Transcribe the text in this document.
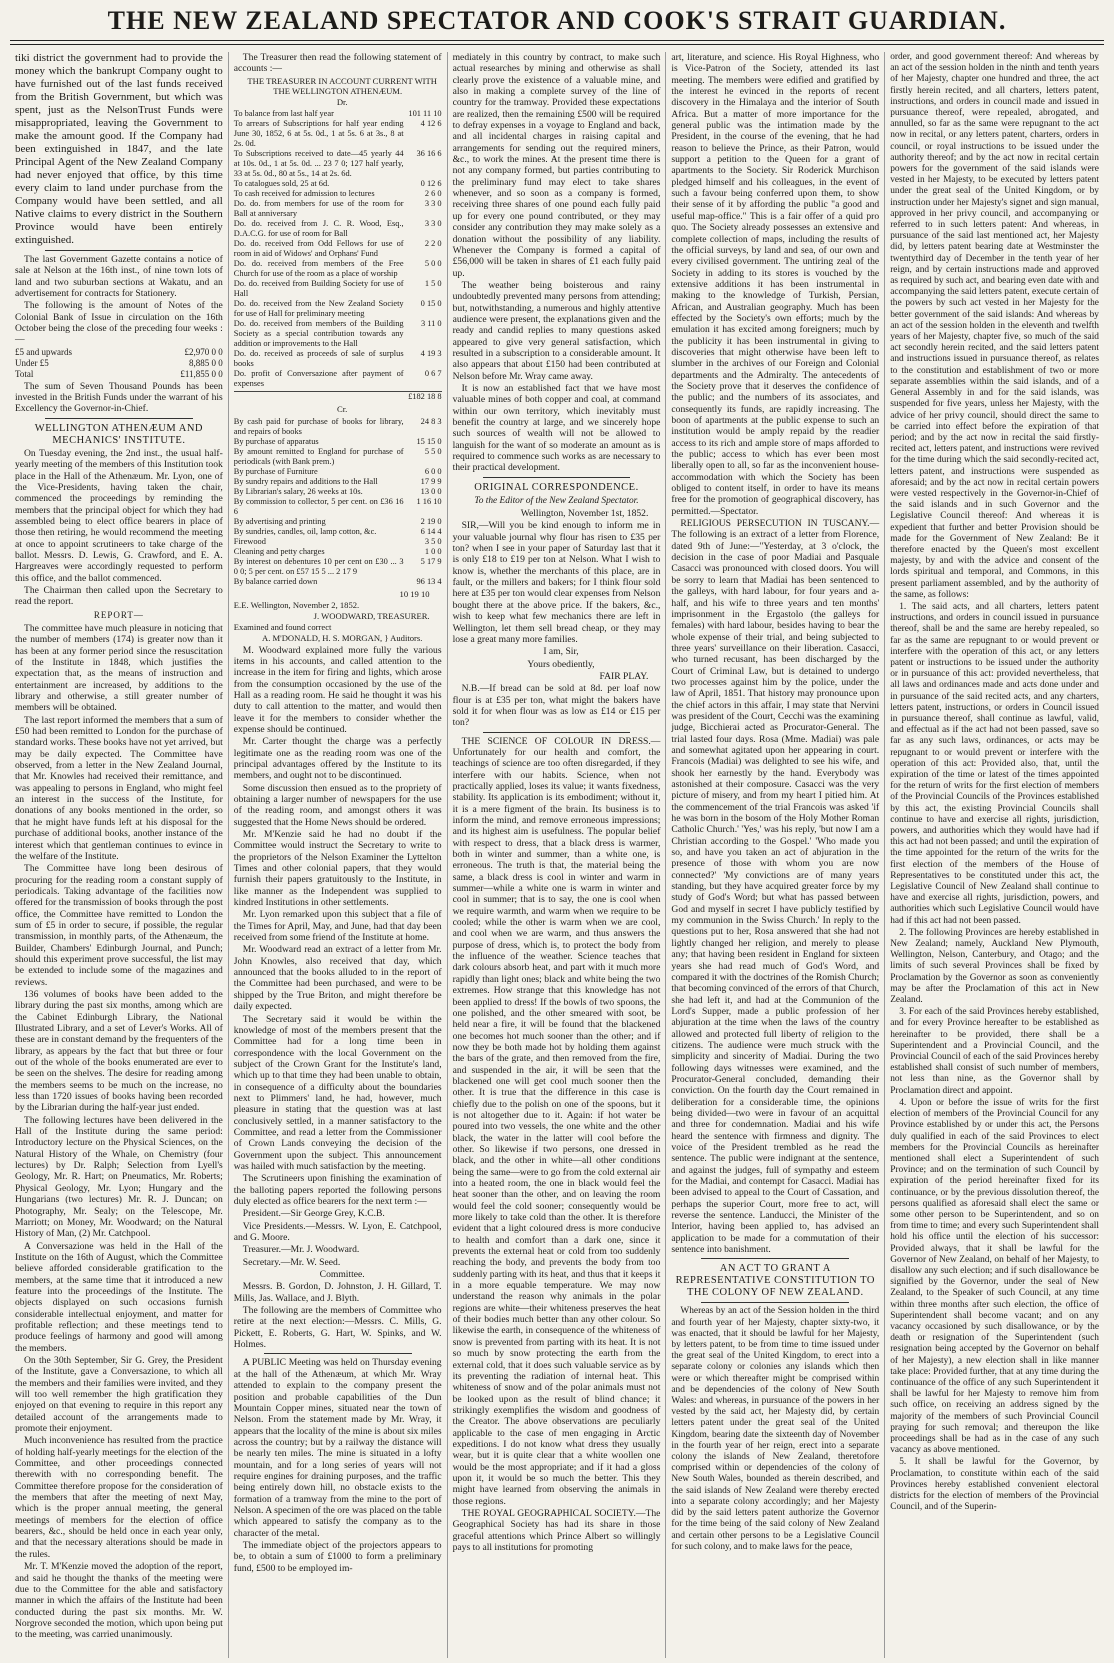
THE NEW ZEALAND SPECTATOR AND COOK'S STRAIT GUARDIAN.

tiki district the government had to provide the money which the bankrupt Company ought to have furnished out of the last funds received from the British Government, but which was spent, just as the NelsonTrust Funds were misappropriated, leaving the Government to make the amount good. If the Company had been extinguished in 1847, and the late Principal Agent of the New Zealand Company had never enjoyed that office, by this time every claim to land under purchase from the Company would have been settled, and all Native claims to every district in the Southern Province would have been entirely extinguished.

The last Government Gazette contains a notice of sale at Nelson at the 16th inst., of nine town lots of land and two suburban sections at Wakatu, and an advertisement for contracts for Stationery.

The following is the amount of Notes of the Colonial Bank of Issue in circulation on the 16th October being the close of the preceding four weeks :—

£5 and upwards	£2,970 0 0
Under £5	8,885 0 0
Total	£11,855 0 0

The sum of Seven Thousand Pounds has been invested in the British Funds under the warrant of his Excellency the Governor-in-Chief.

WELLINGTON ATHENÆUM AND MECHANICS' INSTITUTE.

On Tuesday evening, the 2nd inst., the usual half-yearly meeting of the members of this Institution took place in the Hall of the Athenæum. Mr. Lyon, one of the Vice-Presidents, having taken the chair, commenced the proceedings by reminding the members that the principal object for which they had assembled being to elect office bearers in place of those then retiring, he would recommend the meeting at once to appoint scrutineers to take charge of the ballot. Messrs. D. Lewis, G. Crawford, and E. A. Hargreaves were accordingly requested to perform this office, and the ballot commenced.

The Chairman then called upon the Secretary to read the report.

REPORT—

The committee have much pleasure in noticing that the number of members (174) is greater now than it has been at any former period since the resuscitation of the Institute in 1848, which justifies the expectation that, as the means of instruction and entertainment are increased, by additions to the library and otherwise, a still greater number of members will be obtained.

The last report informed the members that a sum of £50 had been remitted to London for the purchase of standard works. These books have not yet arrived, but may be daily expected. The Committee have observed, from a letter in the New Zealand Journal, that Mr. Knowles had received their remittance, and was appealing to persons in England, who might feel an interest in the success of the Institute, for donations of any books mentioned in the order, so that he might have funds left at his disposal for the purchase of additional books, another instance of the interest which that gentleman continues to evince in the welfare of the Institute.

The Committee have long been desirous of procuring for the reading room a constant supply of periodicals. Taking advantage of the facilities now offered for the transmission of books through the post office, the Committee have remitted to London the sum of £5 in order to secure, if possible, the regular transmission, in monthly parts, of the Athenæum, the Builder, Chambers' Edinburgh Journal, and Punch; should this experiment prove successful, the list may be extended to include some of the magazines and reviews.

136 volumes of books have been added to the library during the past six months, among which are the Cabinet Edinburgh Library, the National Illustrated Library, and a set of Lever's Works. All of these are in constant demand by the frequenters of the library, as appears by the fact that but three or four out of the whole of the books enumerated are ever to be seen on the shelves. The desire for reading among the members seems to be much on the increase, no less than 1720 issues of books having been recorded by the Librarian during the half-year just ended.

The following lectures have been delivered in the Hall of the Institute during the same period: Introductory lecture on the Physical Sciences, on the Natural History of the Whale, on Chemistry (four lectures) by Dr. Ralph; Selection from Lyell's Geology, Mr. R. Hart; on Pneumatics, Mr. Roberts; Physical Geology, Mr. Lyon; Hungary and the Hungarians (two lectures) Mr. R. J. Duncan; on Photography, Mr. Sealy; on the Telescope, Mr. Marriott; on Money, Mr. Woodward; on the Natural History of Man, (2) Mr. Catchpool.

A Conversazione was held in the Hall of the Institute on the 16th of August, which the Committee believe afforded considerable gratification to the members, at the same time that it introduced a new feature into the proceedings of the Institute. The objects displayed on such occasions furnish considerable intellectual enjoyment, and matter for profitable reflection; and these meetings tend to produce feelings of harmony and good will among the members.

On the 30th September, Sir G. Grey, the President of the Institute, gave a Conversazione, to which all the members and their families were invited, and they will too well remember the high gratification they enjoyed on that evening to require in this report any detailed account of the arrangements made to promote their enjoyment.

Much inconvenience has resulted from the practice of holding half-yearly meetings for the election of the Committee, and other proceedings connected therewith with no corresponding benefit. The Committee therefore propose for the consideration of the members that after the meeting of next May, which is the proper annual meeting, the general meetings of members for the election of office bearers, &c., should be held once in each year only, and that the necessary alterations should be made in the rules.

Mr. T. M'Kenzie moved the adoption of the report, and said he thought the thanks of the meeting were due to the Committee for the able and satisfactory manner in which the affairs of the Institute had been conducted during the past six months. Mr. W. Norgrove seconded the motion, which upon being put to the meeting, was carried unanimously.

The Treasurer then read the following statement of accounts :—

THE TREASURER IN ACCOUNT CURRENT WITH THE WELLINGTON ATHENÆUM.

Dr.

To balance from last half year	101 11 10
To arrears of Subscriptions for half year ending June 30, 1852, 6 at 5s. 0d., 1 at 5s. 6 at 3s., 8 at 2s. 0d.	4 12 6
To Subscriptions received to date—45 yearly 44 at 10s. 0d., 1 at 5s. 0d. ... 23 7 0; 127 half yearly, 33 at 5s. 0d., 80 at 5s., 14 at 2s. 6d.	36 16 6
To catalogues sold, 25 at 6d.	0 12 6
To cash received for admission to lectures	2 6 0
Do. do. from members for use of the room for Ball at anniversary	3 3 0
Do. do. received from J. C. R. Wood, Esq., D.A.C.G. for use of room for Ball	3 3 0
Do. do. received from Odd Fellows for use of room in aid of Widows' and Orphans' Fund	2 2 0
Do. do. received from members of the Free Church for use of the room as a place of worship	5 0 0
Do. do. received from Building Society for use of Hall	1 5 0
Do. do. received from the New Zealand Society for use of Hall for preliminary meeting	0 15 0
Do. do. received from members of the Building Society as a special contribution towards any addition or improvements to the Hall	3 11 0
Do. do. received as proceeds of sale of surplus books	4 19 3
Do. profit of Conversazione after payment of expenses	0 6 7
	£182 18 8

Cr.

By cash paid for purchase of books for library, and repairs of books	24 8 3
By purchase of apparatus	15 15 0
By amount remitted to England for purchase of periodicals (with Bank prem.)	5 5 0
By purchase of Furniture	6 0 0
By sundry repairs and additions to the Hall	17 9 9
By Librarian's salary, 26 weeks at 10s.	13 0 0
By commission to collector, 5 per cent. on £36 16 6	1 16 10
By advertising and printing	2 19 0
By sundries, candles, oil, lamp cotton, &c.	6 14 4
Firewood	3 5 0
Cleaning and petty charges	1 0 0
By interest on debentures 10 per cent on £30 ... 3 0 0; 5 per cent. on £57 15 5 ... 2 17 9	5 17 9
By balance carried down	96 13 4

10 19 10

E.E. Wellington, November 2, 1852.

J. WOODWARD, TREASURER.

Examined and found correct

A. M'DONALD, H. S. MORGAN, } Auditors.

M. Woodward explained more fully the various items in his accounts, and called attention to the increase in the item for firing and lights, which arose from the consumption occasioned by the use of the Hall as a reading room. He said he thought it was his duty to call attention to the matter, and would then leave it for the members to consider whether the expense should be continued.

Mr. Carter thought the charge was a perfectly legitimate one as the reading room was one of the principal advantages offered by the Institute to its members, and ought not to be discontinued.

Some discussion then ensued as to the propriety of obtaining a larger number of newspapers for the use of the reading room, and amongst others it was suggested that the Home News should be ordered.

Mr. M'Kenzie said he had no doubt if the Committee would instruct the Secretary to write to the proprietors of the Nelson Examiner the Lyttelton Times and other colonial papers, that they would furnish their papers gratuitously to the Institute, in like manner as the Independent was supplied to kindred Institutions in other settlements.

Mr. Lyon remarked upon this subject that a file of the Times for April, May, and June, had that day been received from some friend of the Institute at home.

Mr. Woodward read an extract of a letter from Mr. John Knowles, also received that day, which announced that the books alluded to in the report of the Committee had been purchased, and were to be shipped by the True Briton, and might therefore be daily expected.

The Secretary said it would be within the knowledge of most of the members present that the Committee had for a long time been in correspondence with the local Government on the subject of the Crown Grant for the Institute's land, which up to that time they had been unable to obtain, in consequence of a difficulty about the boundaries next to Plimmers' land, he had, however, much pleasure in stating that the question was at last conclusively settled, in a manner satisfactory to the Committee, and read a letter from the Commissioner of Crown Lands conveying the decision of the Government upon the subject. This announcement was hailed with much satisfaction by the meeting.

The Scrutineers upon finishing the examination of the balloting papers reported the following persons duly elected as office bearers for the next term :—

President.—Sir George Grey, K.C.B.

Vice Presidents.—Messrs. W. Lyon, E. Catchpool, and G. Moore.

Treasurer.—Mr. J. Woodward.

Secretary.—Mr. W. Seed.

Committee.

Messrs. B. Gordon, D. Johnston, J. H. Gillard, T. Mills, Jas. Wallace, and J. Blyth.

The following are the members of Committee who retire at the next election:—Messrs. C. Mills, G. Pickett, E. Roberts, G. Hart, W. Spinks, and W. Holmes.

A PUBLIC Meeting was held on Thursday evening at the hall of the Athenæum, at which Mr. Wray attended to explain to the company present the position and probable capabilities of the Dun Mountain Copper mines, situated near the town of Nelson. From the statement made by Mr. Wray, it appears that the locality of the mine is about six miles across the country; but by a railway the distance will be nearly ten miles. The mine is situated in a lofty mountain, and for a long series of years will not require engines for draining purposes, and the traffic being entirely down hill, no obstacle exists to the formation of a tramway from the mine to the port of Nelson. A specimen of the ore was placed on the table which appeared to satisfy the company as to the character of the metal.

The immediate object of the projectors appears to be, to obtain a sum of £1000 to form a preliminary fund, £500 to be employed im-

mediately in this country by contract, to make such actual researches by mining and otherwise as shall clearly prove the existence of a valuable mine, and also in making a complete survey of the line of country for the tramway. Provided these expectations are realized, then the remaining £500 will be required to defray expenses in a voyage to England and back, and all incidental charges in raising capital and arrangements for sending out the required miners, &c., to work the mines. At the present time there is not any company formed, but parties contributing to the preliminary fund may elect to take shares whenever, and so soon as a company is formed, receiving three shares of one pound each fully paid up for every one pound contributed, or they may consider any contribution they may make solely as a donation without the possibility of any liability. Whenever the Company is formed a capital of £56,000 will be taken in shares of £1 each fully paid up.

The weather being boisterous and rainy undoubtedly prevented many persons from attending; but, notwithstanding, a numerous and highly attentive audience were present, the explanations given and the ready and candid replies to many questions asked appeared to give very general satisfaction, which resulted in a subscription to a considerable amount. It also appears that about £150 had been contributed at Nelson before Mr. Wray came away.

It is now an established fact that we have most valuable mines of both copper and coal, at command within our own territory, which inevitably must benefit the country at large, and we sincerely hope such sources of wealth will not be allowed to languish for the want of so moderate an amount as is required to commence such works as are necessary to their practical development.

ORIGINAL CORRESPONDENCE.
To the Editor of the New Zealand Spectator.

Wellington, November 1st, 1852.

SIR,—Will you be kind enough to inform me in your valuable journal why flour has risen to £35 per ton? when I see in your paper of Saturday last that it is only £18 to £19 per ton at Nelson. What I wish to know is, whether the merchants of this place, are in fault, or the millers and bakers; for I think flour sold here at £35 per ton would clear expenses from Nelson bought there at the above price. If the bakers, &c., wish to keep what few mechanics there are left in Wellington, let them sell bread cheap, or they may lose a great many more families.

I am, Sir,

Yours obediently,

FAIR PLAY.

N.B.—If bread can be sold at 8d. per loaf now flour is at £35 per ton, what might the bakers have sold it for when flour was as low as £14 or £15 per ton?

THE SCIENCE OF COLOUR IN DRESS.—Unfortunately for our health and comfort, the teachings of science are too often disregarded, if they interfere with our habits. Science, when not practically applied, loses its value; it wants fixedness, stability. Its application is its embodiment; without it, it is a mere figment of the brain. Its business is to inform the mind, and remove erroneous impressions; and its highest aim is usefulness. The popular belief with respect to dress, that a black dress is warmer, both in winter and summer, than a white one, is erroneous. The truth is that, the material being the same, a black dress is cool in winter and warm in summer—while a white one is warm in winter and cool in summer; that is to say, the one is cool when we require warmth, and warm when we require to be cooled; while the other is warm when we are cool, and cool when we are warm, and thus answers the purpose of dress, which is, to protect the body from the influence of the weather. Science teaches that dark colours absorb heat, and part with it much more rapidly than light ones; black and white being the two extremes. How strange that this knowledge has not been applied to dress! If the bowls of two spoons, the one polished, and the other smeared with soot, be held near a fire, it will be found that the blackened one becomes hot much sooner than the other; and if now they be both made hot by holding them against the bars of the grate, and then removed from the fire, and suspended in the air, it will be seen that the blackened one will get cool much sooner then the other. It is true that the difference in this case is chiefly due to the polish on one of the spoons, but it is not altogether due to it. Again: if hot water be poured into two vessels, the one white and the other black, the water in the latter will cool before the other. So likewise if two persons, one dressed in black, and the other in white—all other conditions being the same—were to go from the cold external air into a heated room, the one in black would feel the heat sooner than the other, and on leaving the room would feel the cold sooner; consequently would be more likely to take cold than the other. It is therefore evident that a light coloured dress is more conducive to health and comfort than a dark one, since it prevents the external heat or cold from too suddenly reaching the body, and prevents the body from too suddenly parting with its heat, and thus that it keeps it in a more equable temperature. We may now understand the reason why animals in the polar regions are white—their whiteness preserves the heat of their bodies much better than any other colour. So likewise the earth, in consequence of the whiteness of snow is prevented from parting with its heat. It is not so much by snow protecting the earth from the external cold, that it does such valuable service as by its preventing the radiation of internal heat. This whiteness of snow and of the polar animals must not be looked upon as the result of blind chance; it strikingly exemplifies the wisdom and goodness of the Creator. The above observations are peculiarly applicable to the case of men engaging in Arctic expeditions. I do not know what dress they usually wear, but it is quite clear that a white woollen one would be the most appropriate; and if it had a gloss upon it, it would be so much the better. This they might have learned from observing the animals in those regions.

THE ROYAL GEOGRAPHICAL SOCIETY.—The Geographical Society has had its share in those graceful attentions which Prince Albert so willingly pays to all institutions for promoting

art, literature, and science. His Royal Highness, who is Vice-Patron of the Society, attended its last meeting. The members were edified and gratified by the interest he evinced in the reports of recent discovery in the Himalaya and the interior of South Africa. But a matter of more importance for the general public was the intimation made by the President, in the course of the evening, that he had reason to believe the Prince, as their Patron, would support a petition to the Queen for a grant of apartments to the Society. Sir Roderick Murchison pledged himself and his colleagues, in the event of such a favour being conferred upon them, to show their sense of it by affording the public "a good and useful map-office." This is a fair offer of a quid pro quo. The Society already possesses an extensive and complete collection of maps, including the results of the official surveys, by land and sea, of our own and every civilised government. The untiring zeal of the Society in adding to its stores is vouched by the extensive additions it has been instrumental in making to the knowledge of Turkish, Persian, African, and Australian geography. Much has been effected by the Society's own efforts; much by the emulation it has excited among foreigners; much by the publicity it has been instrumental in giving to discoveries that might otherwise have been left to slumber in the archives of our Foreign and Colonial departments and the Admiralty. The antecedents of the Society prove that it deserves the confidence of the public; and the numbers of its associates, and consequently its funds, are rapidly increasing. The boon of apartments at the public expense to such an institution would be amply repaid by the readier access to its rich and ample store of maps afforded to the public; access to which has ever been most liberally open to all, so far as the inconvenient house-accommodation with which the Society has been obliged to content itself, in order to have its means free for the promotion of geographical discovery, has permitted.—Spectator.

RELIGIOUS PERSECUTION IN TUSCANY.—The following is an extract of a letter from Florence, dated 9th of June:—"Yesterday, at 3 o'clock, the decision in the case of poor Madiai and Pasquale Casacci was pronounced with closed doors. You will be sorry to learn that Madiai has been sentenced to the galleys, with hard labour, for four years and a-half, and his wife to three years and ten months' imprisonment in the Ergastolo (the galleys for females) with hard labour, besides having to bear the whole expense of their trial, and being subjected to three years' surveillance on their liberation. Casacci, who turned recusant, has been discharged by the Court of Criminal Law, but is detained to undergo two processes against him by the police, under the law of April, 1851. That history may pronounce upon the chief actors in this affair, I may state that Nervini was president of the Court, Cecchi was the examining judge, Bicchierai acted as Procurator-General. The trial lasted four days. Rosa (Mme. Madiai) was pale and somewhat agitated upon her appearing in court. Francois (Madiai) was delighted to see his wife, and shook her earnestly by the hand. Everybody was astonished at their composure. Casacci was the very picture of misery, and from my heart I pitied him. At the commencement of the trial Francois was asked 'if he was born in the bosom of the Holy Mother Roman Catholic Church.' 'Yes,' was his reply, 'but now I am a Christian according to the Gospel.' 'Who made you so, and have you taken an act of abjuration in the presence of those with whom you are now connected?' 'My convictions are of many years standing, but they have acquired greater force by my study of God's Word; but what has passed between God and myself in secret I have publicly testified by my communion in the Swiss Church.' In reply to the questions put to her, Rosa answered that she had not lightly changed her religion, and merely to please any; that having been resident in England for sixteen years she had read much of God's Word, and compared it with the doctrines of the Romish Church; that becoming convinced of the errors of that Church, she had left it, and had at the Communion of the Lord's Supper, made a public profession of her abjuration at the time when the laws of the country allowed and protected full liberty of religion to the citizens. The audience were much struck with the simplicity and sincerity of Madiai. During the two following days witnesses were examined, and the Procurator-General concluded, demanding their conviction. On the fourth day the Court remained in deliberation for a considerable time, the opinions being divided—two were in favour of an acquittal and three for condemnation. Madiai and his wife heard the sentence with firmness and dignity. The voice of the President trembled as he read the sentence. The public were indignant at the sentence, and against the judges, full of sympathy and esteem for the Madiai, and contempt for Casacci. Madiai has been advised to appeal to the Court of Cassation, and perhaps the superior Court, more free to act, will reverse the sentence. Landucci, the Minister of the Interior, having been applied to, has advised an application to be made for a commutation of their sentence into banishment.

AN ACT TO GRANT A REPRESENTATIVE CONSTITUTION TO THE COLONY OF NEW ZEALAND.

Whereas by an act of the Session holden in the third and fourth year of her Majesty, chapter sixty-two, it was enacted, that it should be lawful for her Majesty, by letters patent, to be from time to time issued under the great seal of the United Kingdom, to erect into a separate colony or colonies any islands which then were or which thereafter might be comprised within and be dependencies of the colony of New South Wales: and whereas, in pursuance of the powers in her vested by the said act, her Majesty did, by certain letters patent under the great seal of the United Kingdom, bearing date the sixteenth day of November in the fourth year of her reign, erect into a separate colony the islands of New Zealand, theretofore comprised within or dependencies of the colony of New South Wales, bounded as therein described, and the said islands of New Zealand were thereby erected into a separate colony accordingly; and her Majesty did by the said letters patent authorize the Governor for the time being of the said colony of New Zealand and certain other persons to be a Legislative Council for such colony, and to make laws for the peace,

order, and good government thereof: And whereas by an act of the session holden in the ninth and tenth years of her Majesty, chapter one hundred and three, the act firstly herein recited, and all charters, letters patent, instructions, and orders in council made and issued in pursuance thereof, were repealed, abrogated, and annulled, so far as the same were repugnant to the act now in recital, or any letters patent, charters, orders in council, or royal instructions to be issued under the authority thereof; and by the act now in recital certain powers for the government of the said islands were vested in her Majesty, to be executed by letters patent under the great seal of the United Kingdom, or by instruction under her Majesty's signet and sign manual, approved in her privy council, and accompanying or referred to in such letters patent: And whereas, in pursuance of the said last mentioned act, her Majesty did, by letters patent bearing date at Westminster the twentythird day of December in the tenth year of her reign, and by certain instructions made and approved as required by such act, and bearing even date with and accompanying the said letters patent, execute certain of the powers by such act vested in her Majesty for the better government of the said islands: And whereas by an act of the session holden in the eleventh and twelfth years of her Majesty, chapter five, so much of the said act secondly herein recited, and the said letters patent and instructions issued in pursuance thereof, as relates to the constitution and establishment of two or more separate assemblies within the said islands, and of a General Assembly in and for the said islands, was suspended for five years, unless her Majesty, with the advice of her privy council, should direct the same to be carried into effect before the expiration of that period; and by the act now in recital the said firstly-recited act, letters patent, and instructions were revived for the time during which the said secondly-recited act, letters patent, and instructions were suspended as aforesaid; and by the act now in recital certain powers were vested respectively in the Governor-in-Chief of the said islands and in such Governor and the Legislative Council thereof: And whereas it is expedient that further and better Provision should be made for the Government of New Zealand: Be it therefore enacted by the Queen's most excellent majesty, by and with the advice and consent of the lords spiritual and temporal, and Commons, in this present parliament assembled, and by the authority of the same, as follows:

1. The said acts, and all charters, letters patent instructions, and orders in council issued in pursuance thereof, shall be and the same are hereby repealed, so far as the same are repugnant to or would prevent or interfere with the operation of this act, or any letters patent or instructions to be issued under the authority or in pursuance of this act: provided nevertheless, that all laws and ordinances made and acts done under and in pursuance of the said recited acts, and any charters, letters patent, instructions, or orders in Council issued in pursuance thereof, shall continue as lawful, valid, and effectual as if the act had not been passed, save so far as any such laws, ordinances, or acts may be repugnant to or would prevent or interfere with the operation of this act: Provided also, that, until the expiration of the time or latest of the times appointed for the return of writs for the first election of members of the Provincial Councils of the Provinces established by this act, the existing Provincial Councils shall continue to have and exercise all rights, jurisdiction, powers, and authorities which they would have had if this act had not been passed; and until the expiration of the time appointed for the return of the writs for the first election of the members of the House of Representatives to be constituted under this act, the Legislative Council of New Zealand shall continue to have and exercise all rights, jurisdiction, powers, and authorities which such Legislative Council would have had if this act had not been passed.

2. The following Provinces are hereby established in New Zealand; namely, Auckland New Plymouth, Wellington, Nelson, Canterbury, and Otago; and the limits of such several Provinces shall be fixed by Proclamation by the Governor as soon as conveniently may be after the Proclamation of this act in New Zealand.

3. For each of the said Provinces hereby established, and for every Province hereafter to be established as hereinafter to be provided, there shall be a Superintendent and a Provincial Council, and the Provincial Council of each of the said Provinces hereby established shall consist of such number of members, not less than nine, as the Governor shall by Proclamation direct and appoint.

4. Upon or before the issue of writs for the first election of members of the Provincial Council for any Province established by or under this act, the Persons duly qualified in each of the said Provinces to elect members for the Provincial Councils as hereinafter mentioned shall elect a Superintendent of such Province; and on the termination of such Council by expiration of the period hereinafter fixed for its continuance, or by the previous dissolution thereof, the persons qualified as aforesaid shall elect the same or some other person to be Superintendent, and so on from time to time; and every such Superintendent shall hold his office until the election of his successor: Provided always, that it shall be lawful for the Governor of New Zealand, on behalf of her Majesty, to disallow any such election; and if such disallowance be signified by the Governor, under the seal of New Zealand, to the Speaker of such Council, at any time within three months after such election, the office of Superintendent shall become vacant; and on any vacancy occasioned by such disallowance, or by the death or resignation of the Superintendent (such resignation being accepted by the Governor on behalf of her Majesty), a new election shall in like manner take place: Provided further, that at any time during the continuance of the office of any such Superintendent it shall be lawful for her Majesty to remove him from such office, on receiving an address signed by the majority of the members of such Provincial Council praying for such removal; and thereupon the like proceedings shall be had as in the case of any such vacancy as above mentioned.

5. It shall be lawful for the Governor, by Proclamation, to constitute within each of the said Provinces hereby established convenient electoral districts for the election of members of the Provincial Council, and of the Superin-
